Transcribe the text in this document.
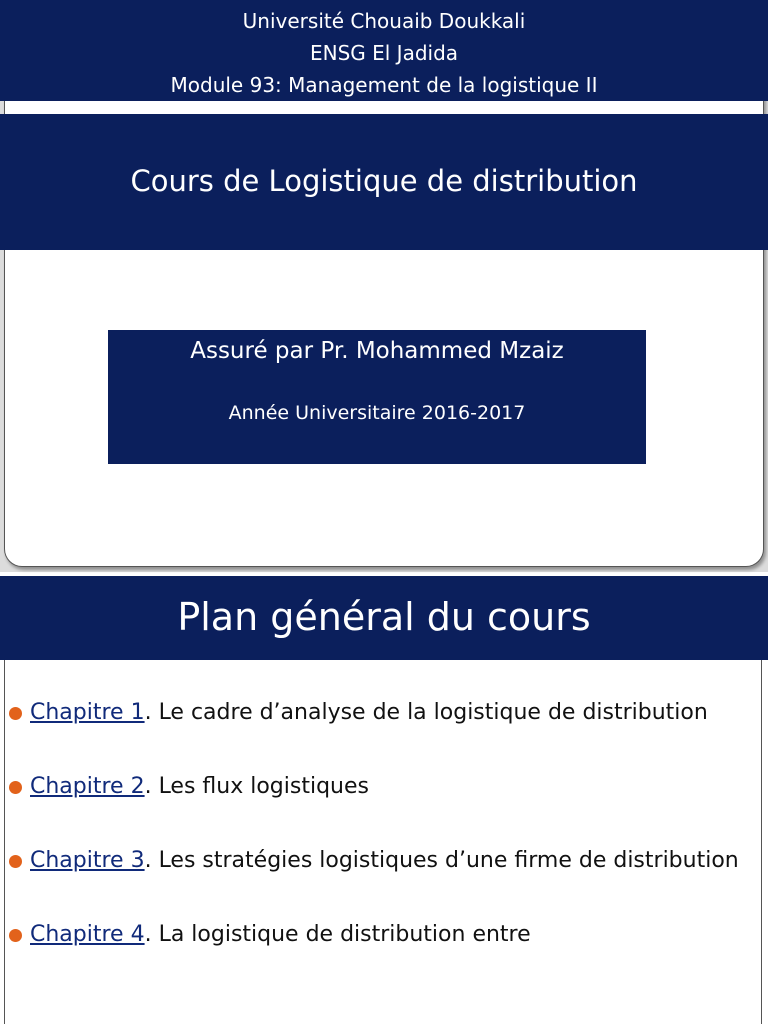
Université Chouaib Doukkali
ENSG El Jadida
Module 93: Management de la logistique II
Cours de Logistique de distribution
Assuré par Pr. Mohammed Mzaiz
Année Universitaire 2016-2017
Plan général du cours
Chapitre 1. Le cadre d’analyse de la logistique de distribution
Chapitre 2. Les flux logistiques
Chapitre 3. Les stratégies logistiques d’une firme de distribution
Chapitre 4. La logistique de distribution entre
